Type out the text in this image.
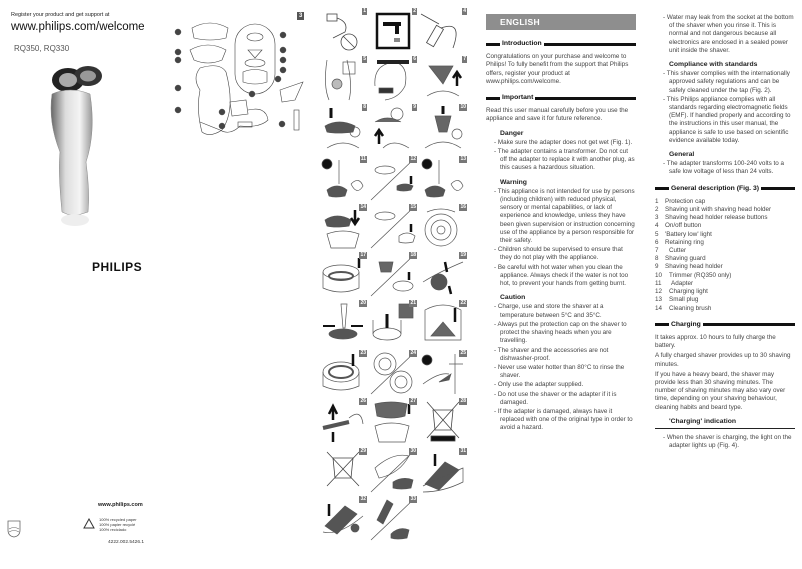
Register your product and get support at
www.philips.com/welcome
RQ350, RQ330
PHILIPS
www.philips.com
100% recycled paper
100% papier recyclé
100% reciclado
4222.002.5426.1
3
1	2	4
5	6	7
8	9	10
11	12	13
14	15	16
17	18	19
20	21	22
23	24	25
26	27	28
29	30	31
32	33
ENGLISH
Introduction
Congratulations on your purchase and welcome to Philips! To fully benefit from the support that Philips offers, register your product at www.philips.com/welcome.
Important
Read this user manual carefully before you use the appliance and save it for future reference.
Danger
- Make sure the adapter does not get wet (Fig. 1).
- The adapter contains a transformer. Do not cut off the adapter to replace it with another plug, as this causes a hazardous situation.
Warning
- This appliance is not intended for use by persons (including children) with reduced physical, sensory or mental capabilities, or lack of experience and knowledge, unless they have been given supervision or instruction concerning use of the appliance by a person responsible for their safety.
- Children should be supervised to ensure that they do not play with the appliance.
- Be careful with hot water when you clean the appliance. Always check if the water is not too hot, to prevent your hands from getting burnt.
Caution
- Charge, use and store the shaver at a temperature between 5°C and 35°C.
- Always put the protection cap on the shaver to protect the shaving heads when you are travelling.
- The shaver and the accessories are not dishwasher-proof.
- Never use water hotter than 80°C to rinse the shaver.
- Only use the adapter supplied.
- Do not use the shaver or the adapter if it is damaged.
- If the adapter is damaged, always have it replaced with one of the original type in order to avoid a hazard.
- Water may leak from the socket at the bottom of the shaver when you rinse it. This is normal and not dangerous because all electronics are enclosed in a sealed power unit inside the shaver.
Compliance with standards
- This shaver complies with the internationally approved safety regulations and can be safely cleaned under the tap (Fig. 2).
- This Philips appliance complies with all standards regarding electromagnetic fields (EMF). If handled properly and according to the instructions in this user manual, the appliance is safe to use based on scientific evidence available today.
General
- The adapter transforms 100-240 volts to a safe low voltage of less than 24 volts.
General description (Fig. 3)
1	Protection cap
2	Shaving unit with shaving head holder
3	Shaving head holder release buttons
4	On/off button
5	'Battery low' light
6	Retaining ring
7	Cutter
8	Shaving guard
9	Shaving head holder
10	Trimmer (RQ350 only)
11	Adapter
12	Charging light
13	Small plug
14	Cleaning brush
Charging
It takes approx. 10 hours to fully charge the battery.
A fully charged shaver provides up to 30 shaving minutes.
If you have a heavy beard, the shaver may provide less than 30 shaving minutes. The number of shaving minutes may also vary over time, depending on your shaving behaviour, cleaning habits and beard type.
'Charging' indication
- When the shaver is charging, the light on the adapter lights up (Fig. 4).
